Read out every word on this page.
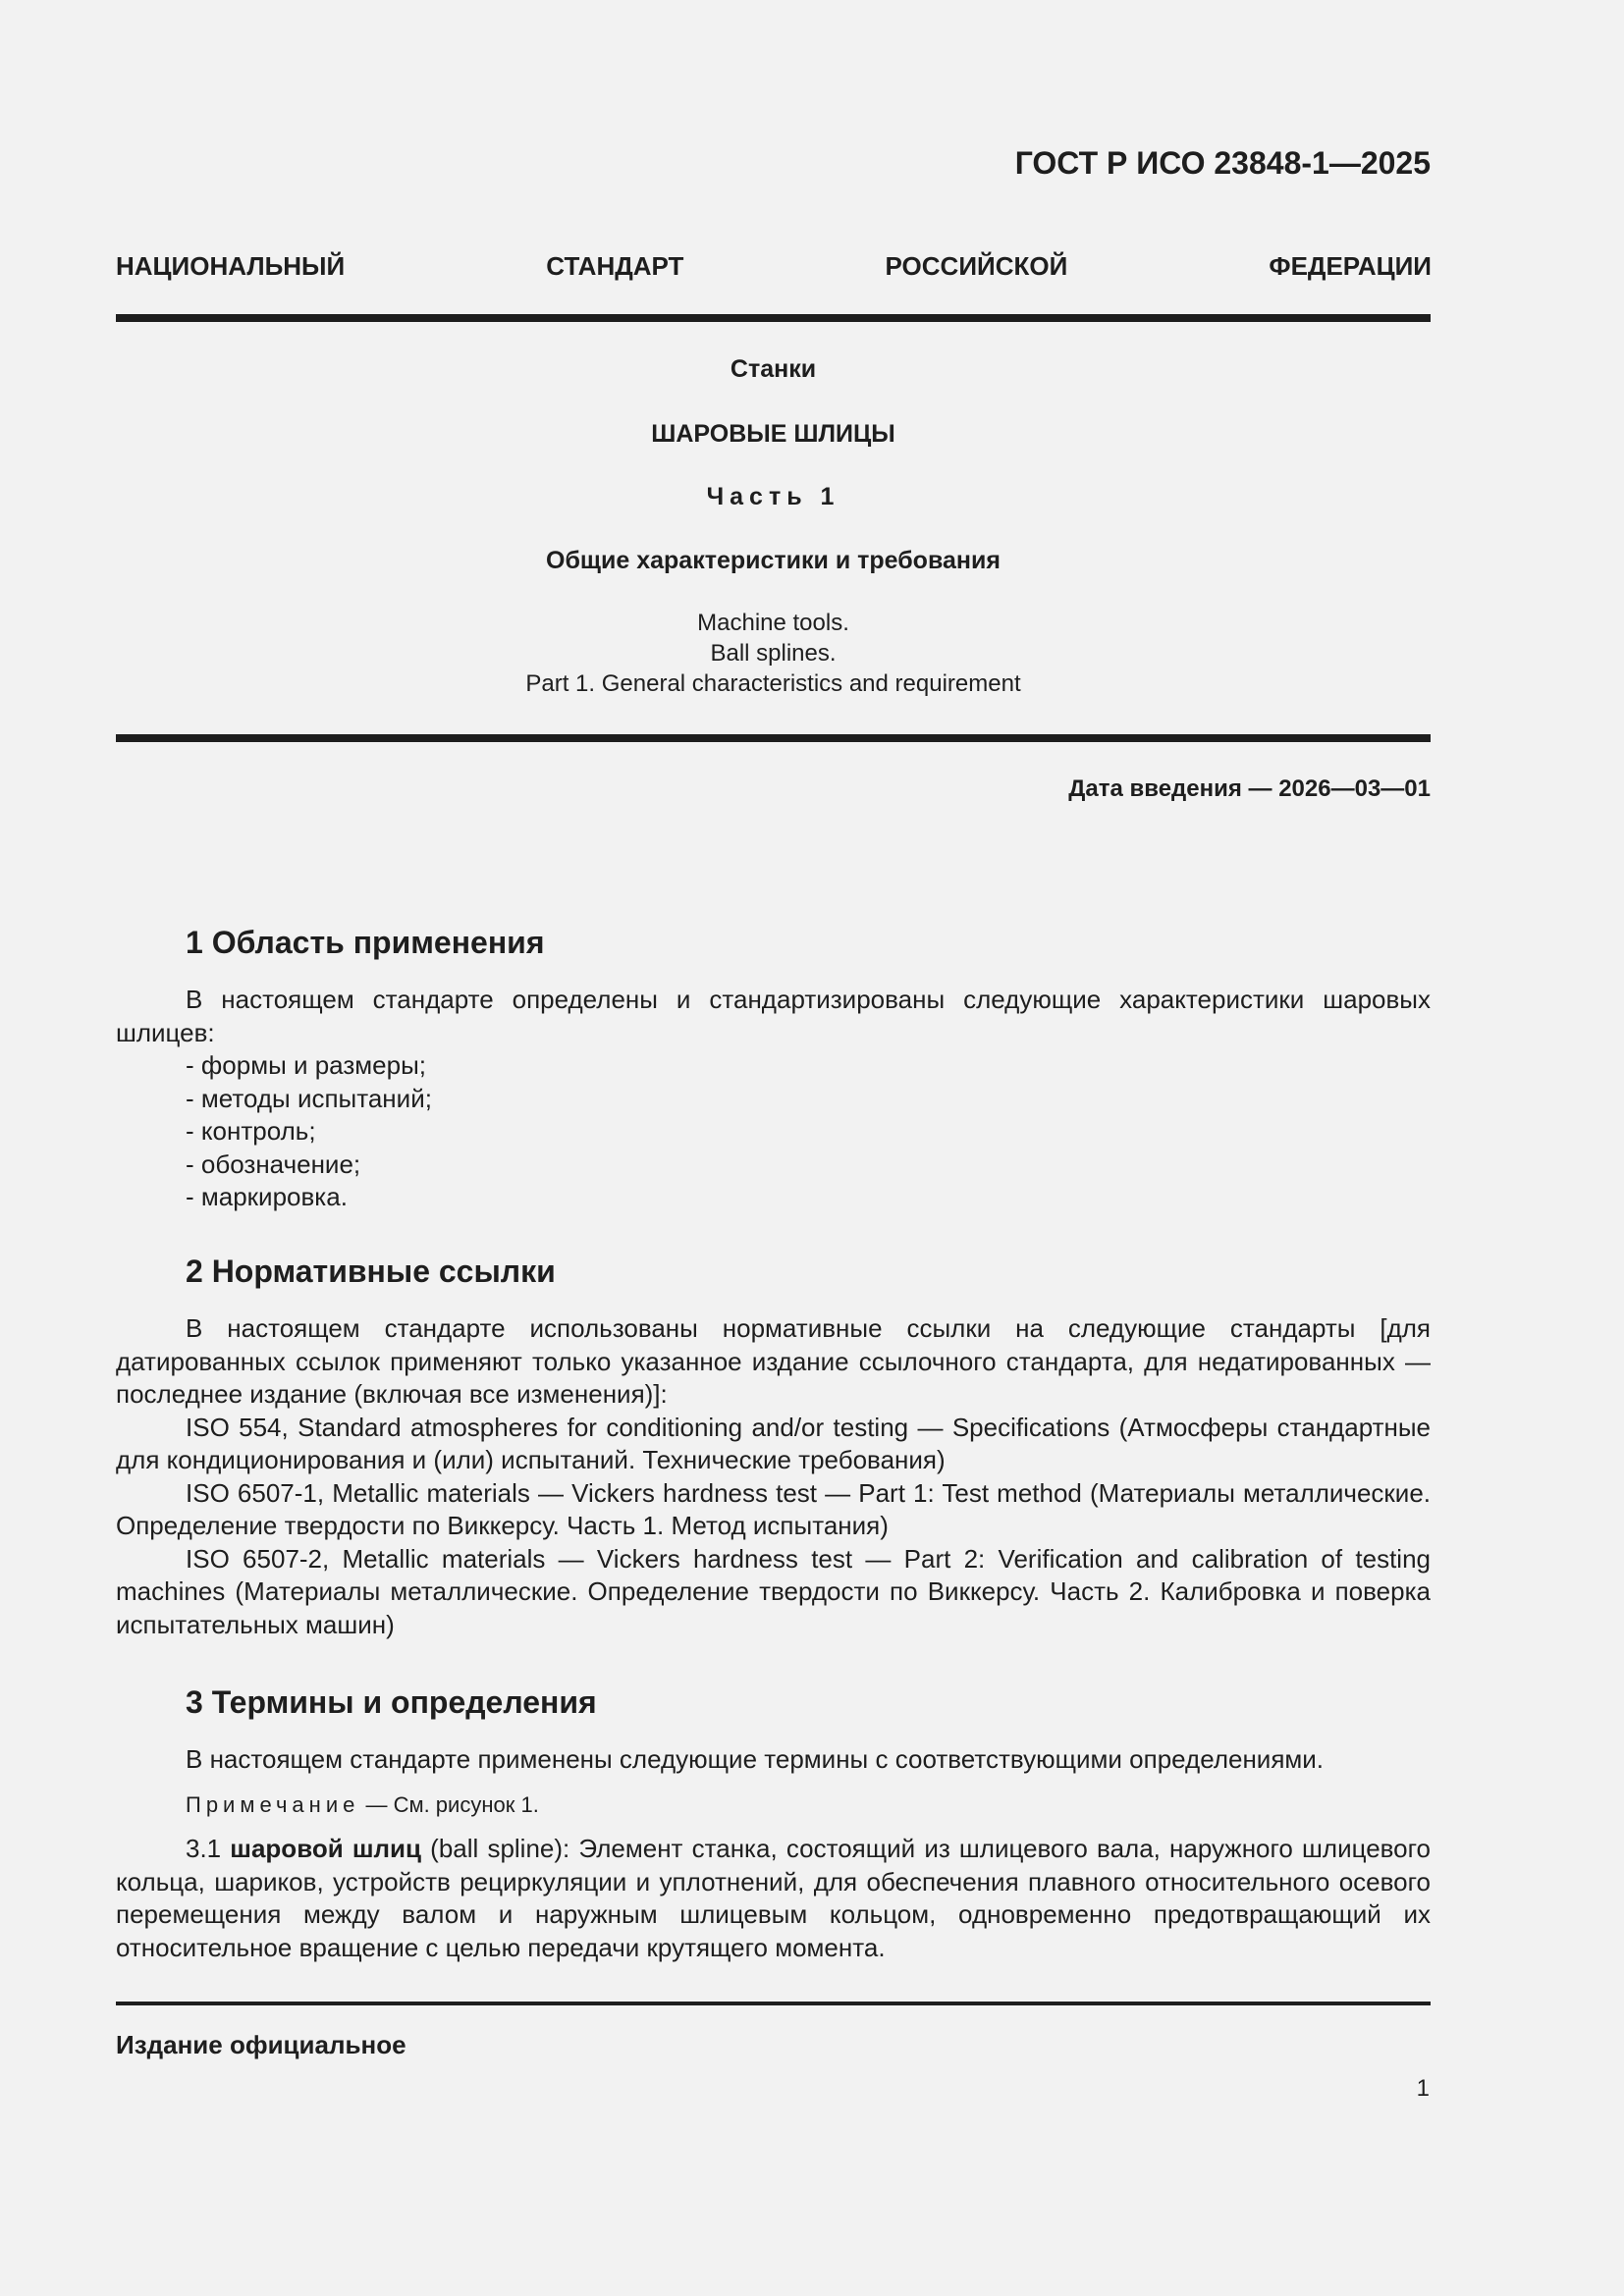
ГОСТ Р ИСО 23848-1—2025
НАЦИОНАЛЬНЫЙ СТАНДАРТ РОССИЙСКОЙ ФЕДЕРАЦИИ
Станки
ШАРОВЫЕ ШЛИЦЫ
Часть 1
Общие характеристики и требования
Machine tools.
Ball splines.
Part 1. General characteristics and requirement
Дата введения — 2026—03—01
1 Область применения

В настоящем стандарте определены и стандартизированы следующие характеристики шаровых шлицев:

- формы и размеры;
- методы испытаний;
- контроль;
- обозначение;
- маркировка.
2 Нормативные ссылки

В настоящем стандарте использованы нормативные ссылки на следующие стандарты [для датированных ссылок применяют только указанное издание ссылочного стандарта, для недатированных — последнее издание (включая все изменения)]:

ISO 554, Standard atmospheres for conditioning and/or testing — Specifications (Атмосферы стандартные для кондиционирования и (или) испытаний. Технические требования)

ISO 6507-1, Metallic materials — Vickers hardness test — Part 1: Test method (Материалы металлические. Определение твердости по Виккерсу. Часть 1. Метод испытания)

ISO 6507-2, Metallic materials — Vickers hardness test — Part 2: Verification and calibration of testing machines (Материалы металлические. Определение твердости по Виккерсу. Часть 2. Калибровка и поверка испытательных машин)

3 Термины и определения

В настоящем стандарте применены следующие термины с соответствующими определениями.

Примечание — См. рисунок 1.

3.1 шаровой шлиц (ball spline): Элемент станка, состоящий из шлицевого вала, наружного шлицевого кольца, шариков, устройств рециркуляции и уплотнений, для обеспечения плавного относительного осевого перемещения между валом и наружным шлицевым кольцом, одновременно предотвращающий их относительное вращение с целью передачи крутящего момента.

Издание официальное
1
